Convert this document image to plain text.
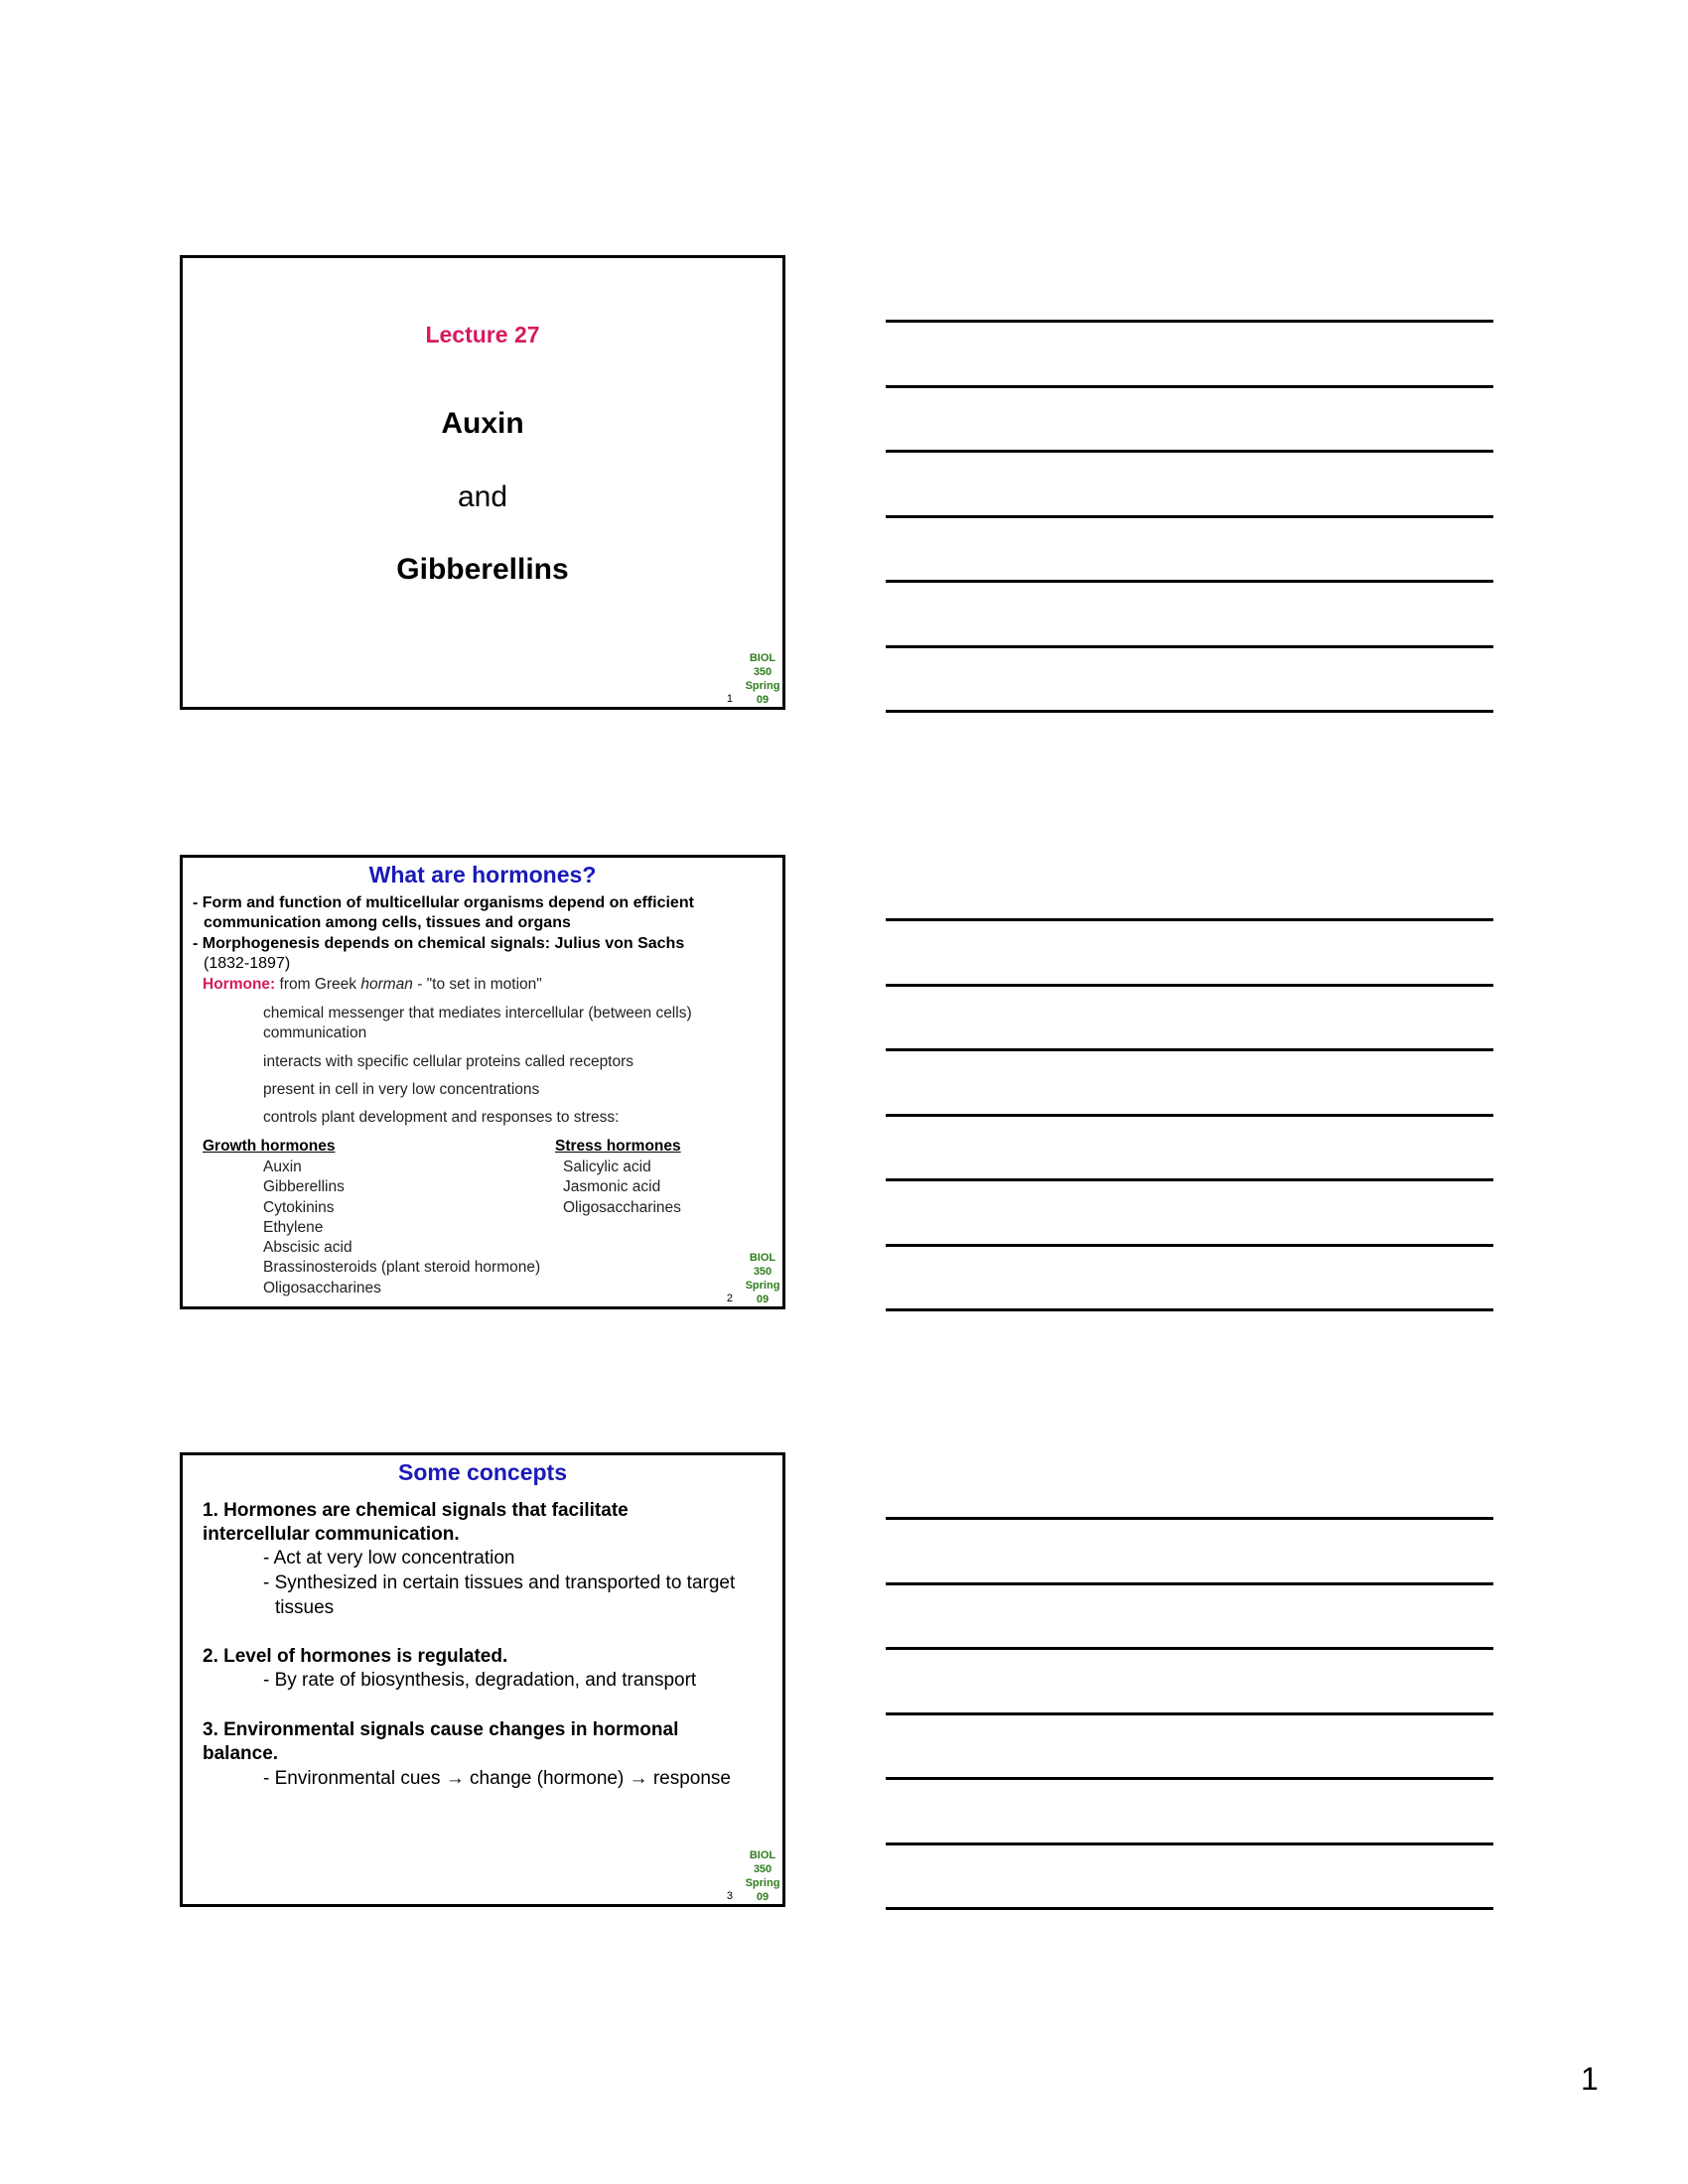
Lecture 27
Auxin
and
Gibberellins
1
BIOL
350
Spring
09
What are hormones?
- Form and function of multicellular organisms depend on efficient
communication among cells, tissues and organs
- Morphogenesis depends on chemical signals: Julius von Sachs
(1832-1897)
Hormone: from Greek horman - "to set in motion"
chemical messenger that mediates intercellular (between cells)
communication
interacts with specific cellular proteins called receptors
present in cell in very low concentrations
controls plant development and responses to stress:
Growth hormones	Stress hormones
Auxin
Gibberellins
Cytokinins
Ethylene
Abscisic acid
Brassinosteroids (plant steroid hormone)
Oligosaccharines
Salicylic acid
Jasmonic acid
Oligosaccharines
2
BIOL
350
Spring
09
Some concepts
1. Hormones are chemical signals that facilitate
intercellular communication.
- Act at very low concentration
- Synthesized in certain tissues and transported to target
tissues
2. Level of hormones is regulated.
- By rate of biosynthesis, degradation, and transport
3. Environmental signals cause changes in hormonal
balance.
- Environmental cues → change (hormone) → response
3
BIOL
350
Spring
09
1
